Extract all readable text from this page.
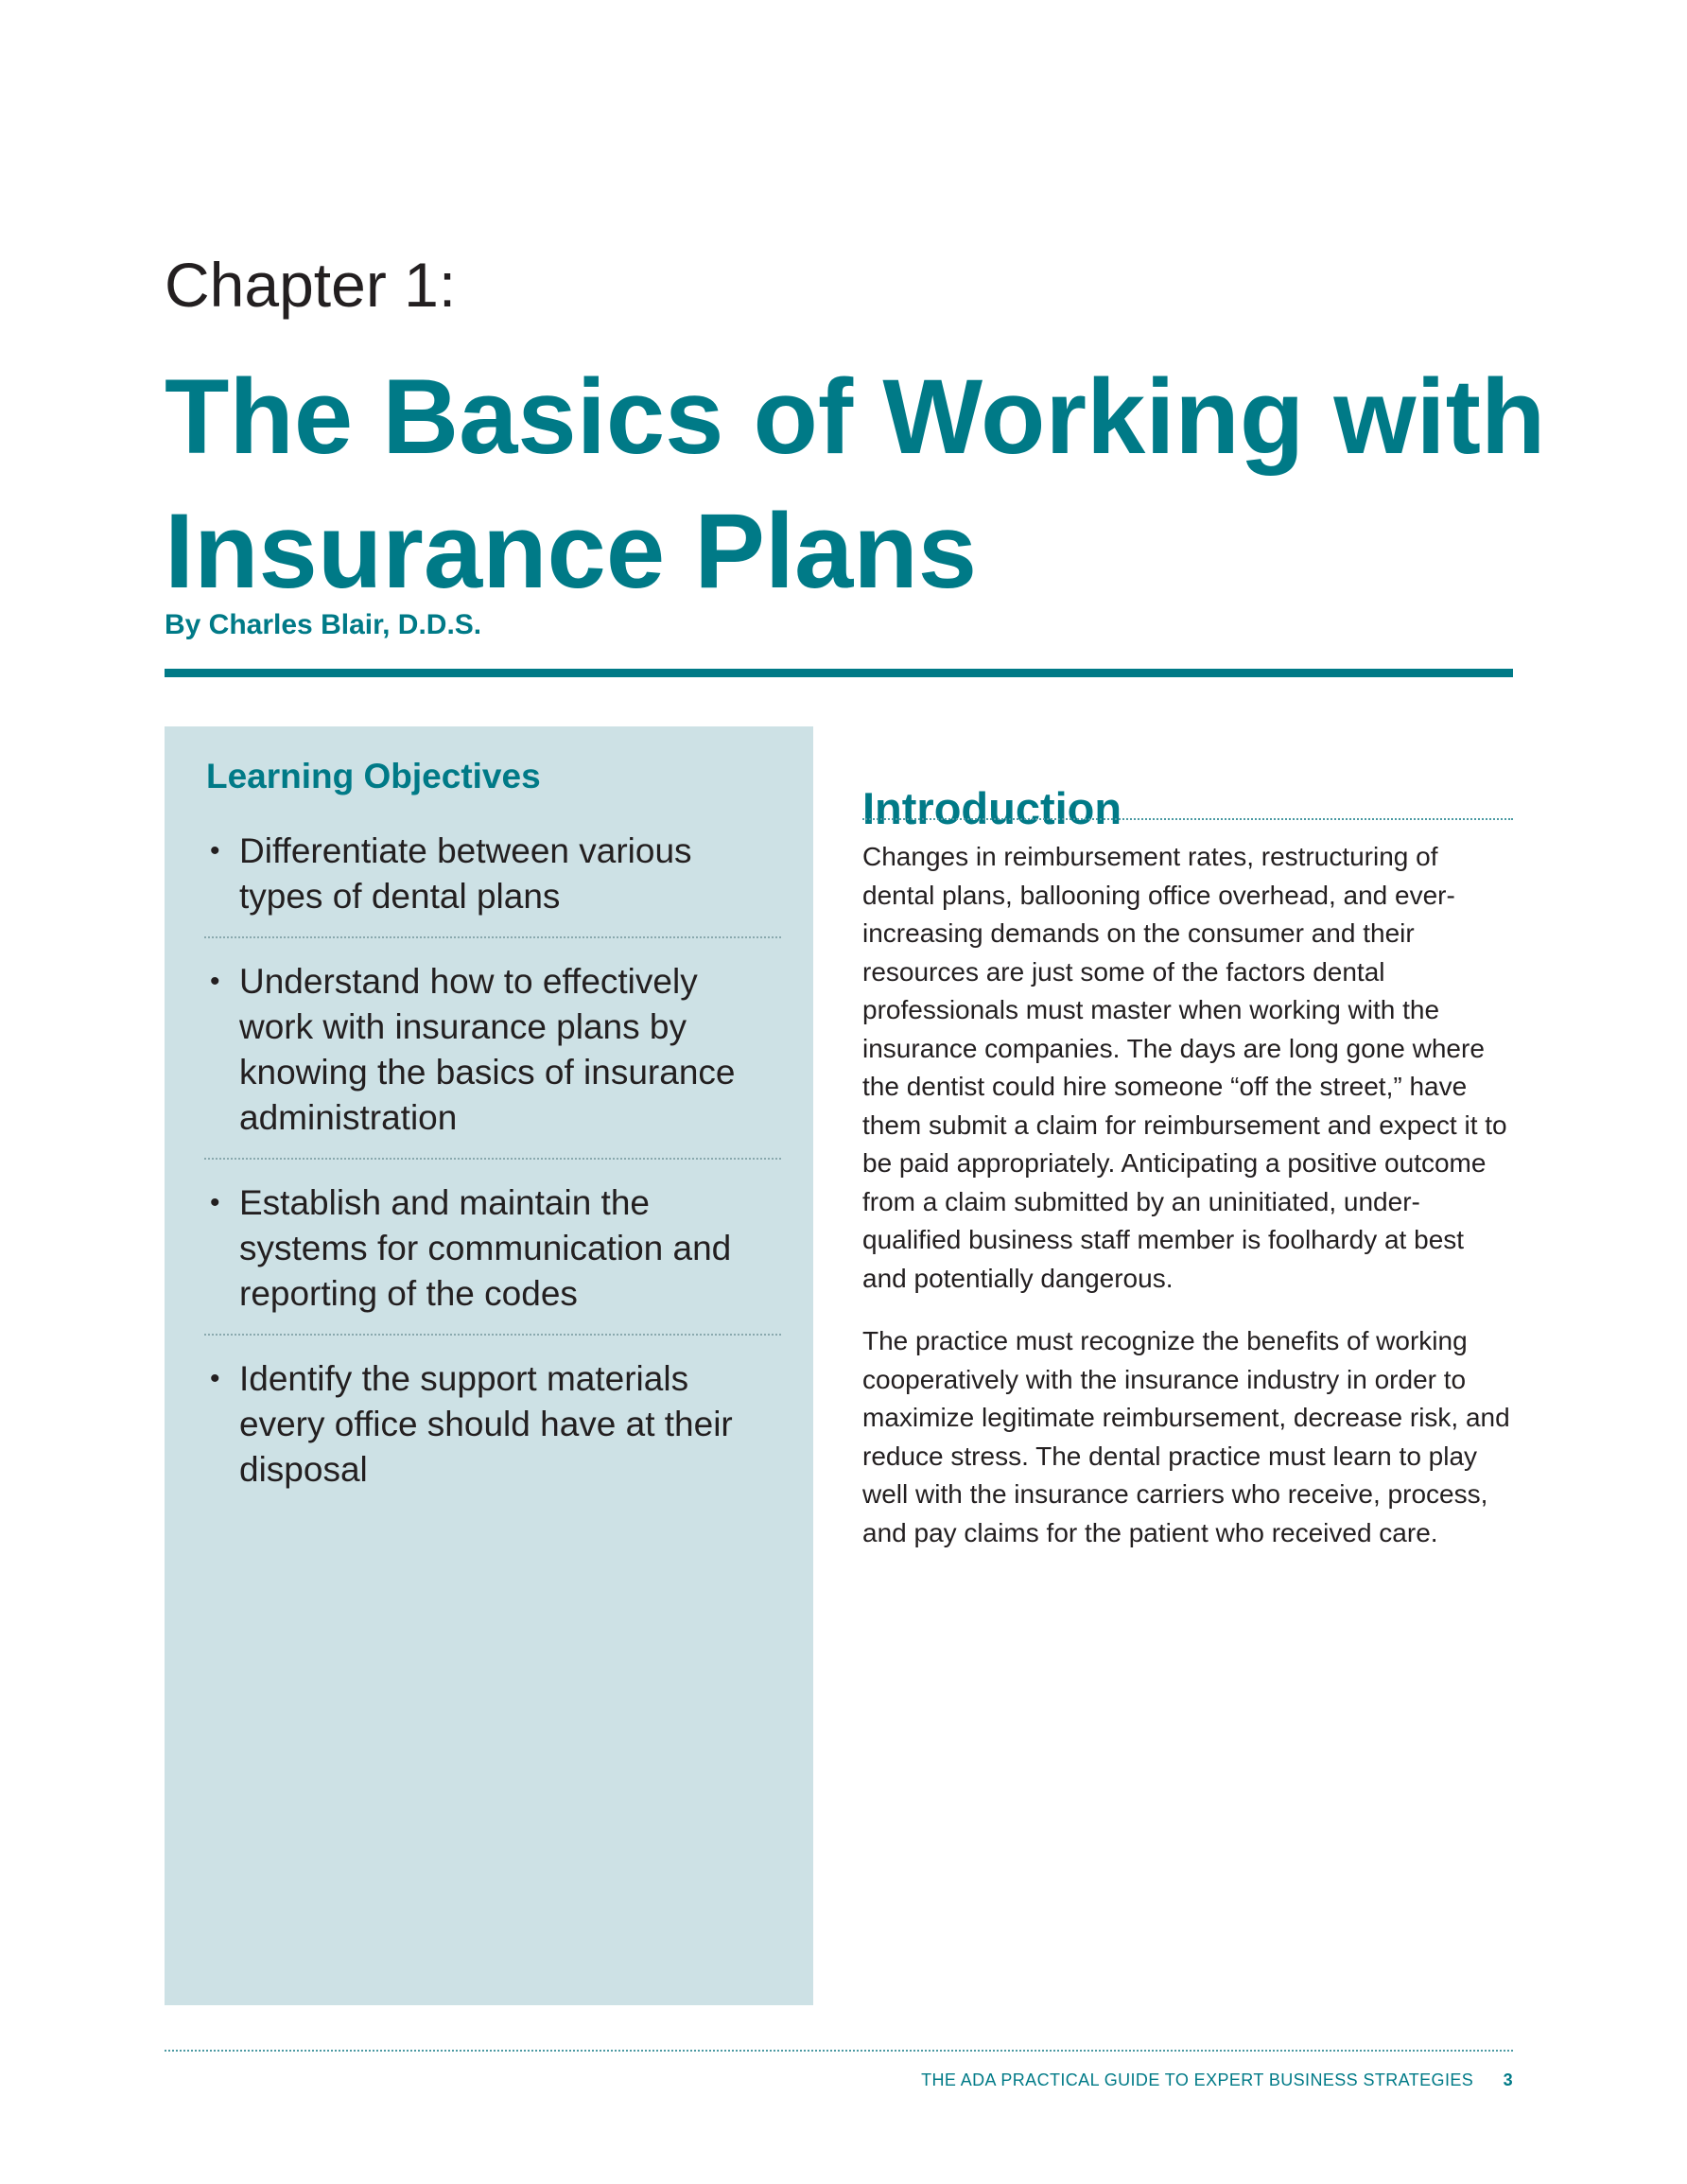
Chapter 1:
The Basics of Working with Insurance Plans
By Charles Blair, D.D.S.
Learning Objectives
• Differentiate between various types of dental plans
• Understand how to effectively work with insurance plans by knowing the basics of insurance administration
• Establish and maintain the systems for communication and reporting of the codes
• Identify the support materials every office should have at their disposal
Introduction

Changes in reimbursement rates, restructuring of dental plans, ballooning office overhead, and ever-increasing demands on the consumer and their resources are just some of the factors dental professionals must master when working with the insurance companies. The days are long gone where the dentist could hire someone “off the street,” have them submit a claim for reimbursement and expect it to be paid appropriately. Anticipating a positive outcome from a claim submitted by an uninitiated, under-qualified business staff member is foolhardy at best and potentially dangerous.

The practice must recognize the benefits of working cooperatively with the insurance industry in order to maximize legitimate reimbursement, decrease risk, and reduce stress. The dental practice must learn to play well with the insurance carriers who receive, process, and pay claims for the patient who received care.

THE ADA PRACTICAL GUIDE TO EXPERT BUSINESS STRATEGIES 3
